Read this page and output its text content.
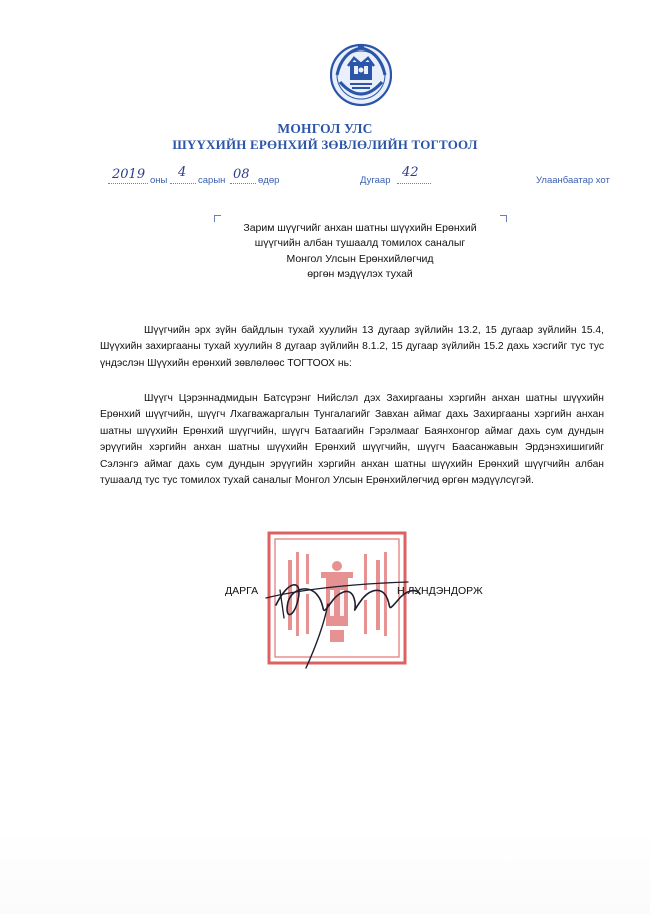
МОНГОЛ УЛС
ШҮҮХИЙН ЕРӨНХИЙ ЗӨВЛӨЛИЙН ТОГТООЛ
2019 оны
4
сарын 08 өдөр	Дугаар
42
Улаанбаатар хот
Зарим шүүгчийг анхан шатны шүүхийн Ерөнхий
шүүгчийн албан тушаалд томилох саналыг
Монгол Улсын Ерөнхийлөгчид
өргөн мэдүүлэх тухай
Шүүгчийн эрх зүйн байдлын тухай хуулийн 13 дугаар зүйлийн 13.2, 15 дугаар зүйлийн 15.4, Шүүхийн захиргааны тухай хуулийн 8 дугаар зүйлийн 8.1.2, 15 дугаар зүйлийн 15.2 дахь хэсгийг тус тус үндэслэн Шүүхийн ерөнхий зөвлөлөөс ТОГТООХ нь:
Шүүгч Цэрэннадмидын Батсүрэнг Нийслэл дэх Захиргааны хэргийн анхан шатны шүүхийн Ерөнхий шүүгчийн, шүүгч Лхагважаргалын Тунгалагийг Завхан аймаг дахь Захиргааны хэргийн анхан шатны шүүхийн Ерөнхий шүүгчийн, шүүгч Батаагийн Гэрэлмааг Баянхонгор аймаг дахь сум дундын эрүүгийн хэргийн анхан шатны шүүхийн Ерөнхий шүүгчийн, шүүгч Баасанжавын Эрдэнэхишигийг Сэлэнгэ аймаг дахь сум дундын эрүүгийн хэргийн анхан шатны шүүхийн Ерөнхий шүүгчийн албан тушаалд тус тус томилох тухай саналыг Монгол Улсын Ерөнхийлөгчид өргөн мэдүүлсүгэй.
ДАРГА	Н.ЛУНДЭНДОРЖ
